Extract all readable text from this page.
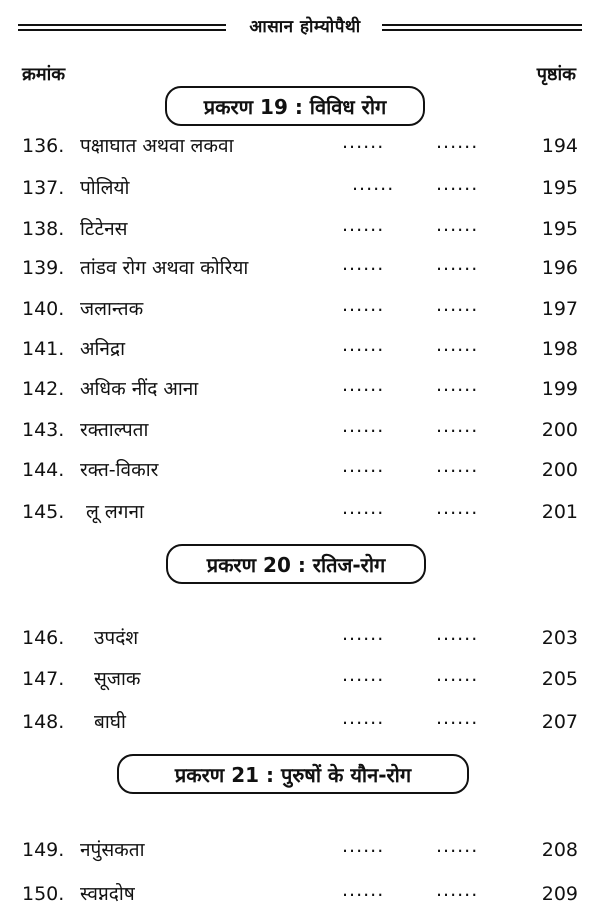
आसान होम्योपैथी
क्रमांक	पृष्ठांक
प्रकरण 19 : विविध रोग
136. पक्षाघात अथवा लकवा	......	......	194
137. पोलियो	...... ......	195
138. टिटेनस	......	......	195
139. तांडव रोग अथवा कोरिया	......	......	196
140. जलान्तक	......	......	197
141. अनिद्रा	......	......	198
142. अधिक नींद आना	......	......	199
143. रक्ताल्पता	......	......	200
144. रक्त-विकार	......	......	200
145. लू लगना	......	......	201
प्रकरण 20 : रतिज-रोग
146. उपदंश	......	......	203
147. सूजाक	......	......	205
148. बाघी	......	......	207
प्रकरण 21 : पुरुषों के यौन-रोग
149. नपुंसकता	......	......	208
150. स्वप्नदोष	......	......	209
